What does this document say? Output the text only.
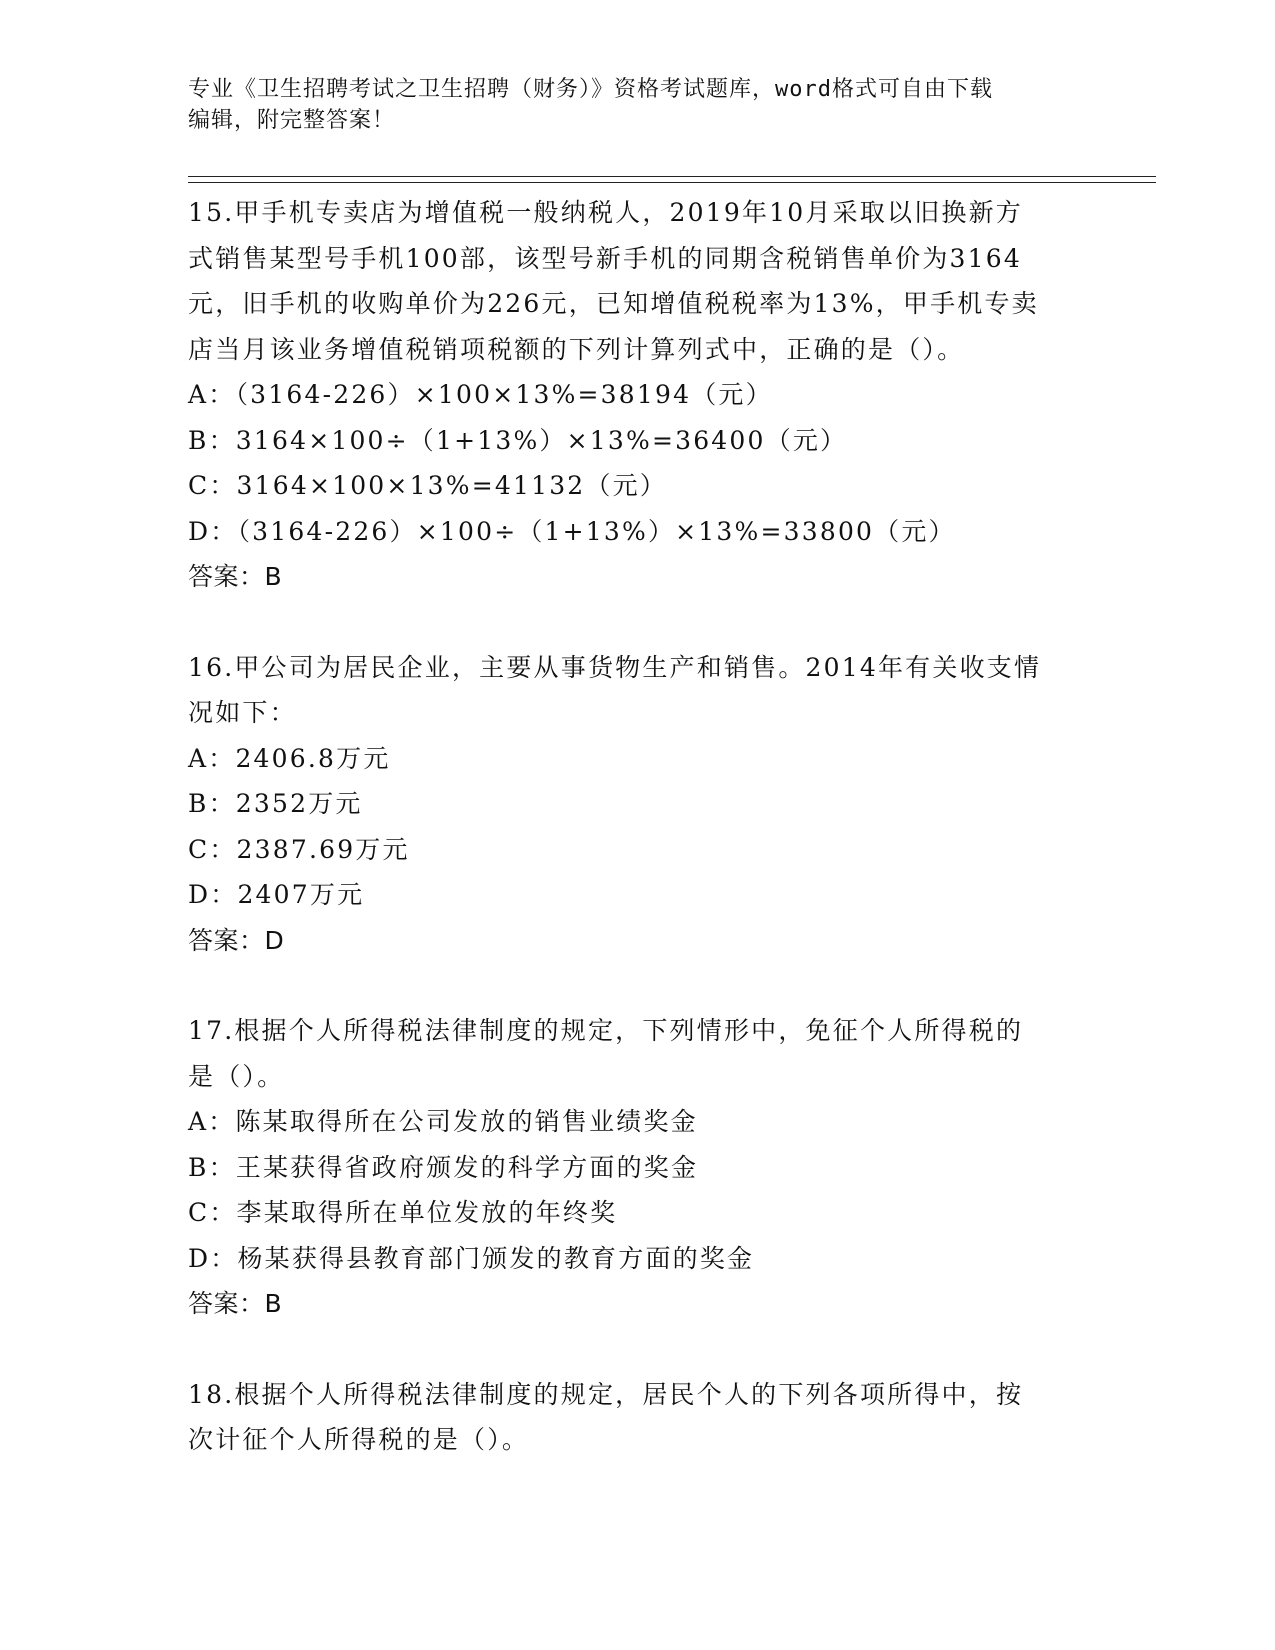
专业《卫生招聘考试之卫生招聘（财务）》资格考试题库，word格式可自由下载
编辑，附完整答案！
15.甲手机专卖店为增值税一般纳税人，2019年10月采取以旧换新方
式销售某型号手机100部，该型号新手机的同期含税销售单价为3164
元，旧手机的收购单价为226元，已知增值税税率为13%，甲手机专卖
店当月该业务增值税销项税额的下列计算列式中，正确的是（）。
A：（3164-226）×100×13%=38194（元）
B：3164×100÷（1+13%）×13%=36400（元）
C：3164×100×13%=41132（元）
D：（3164-226）×100÷（1+13%）×13%=33800（元）
答案：B
16.甲公司为居民企业，主要从事货物生产和销售。2014年有关收支情
况如下：
A：2406.8万元
B：2352万元
C：2387.69万元
D：2407万元
答案：D
17.根据个人所得税法律制度的规定，下列情形中，免征个人所得税的
是（）。
A：陈某取得所在公司发放的销售业绩奖金
B：王某获得省政府颁发的科学方面的奖金
C：李某取得所在单位发放的年终奖
D：杨某获得县教育部门颁发的教育方面的奖金
答案：B
18.根据个人所得税法律制度的规定，居民个人的下列各项所得中，按
次计征个人所得税的是（）。
